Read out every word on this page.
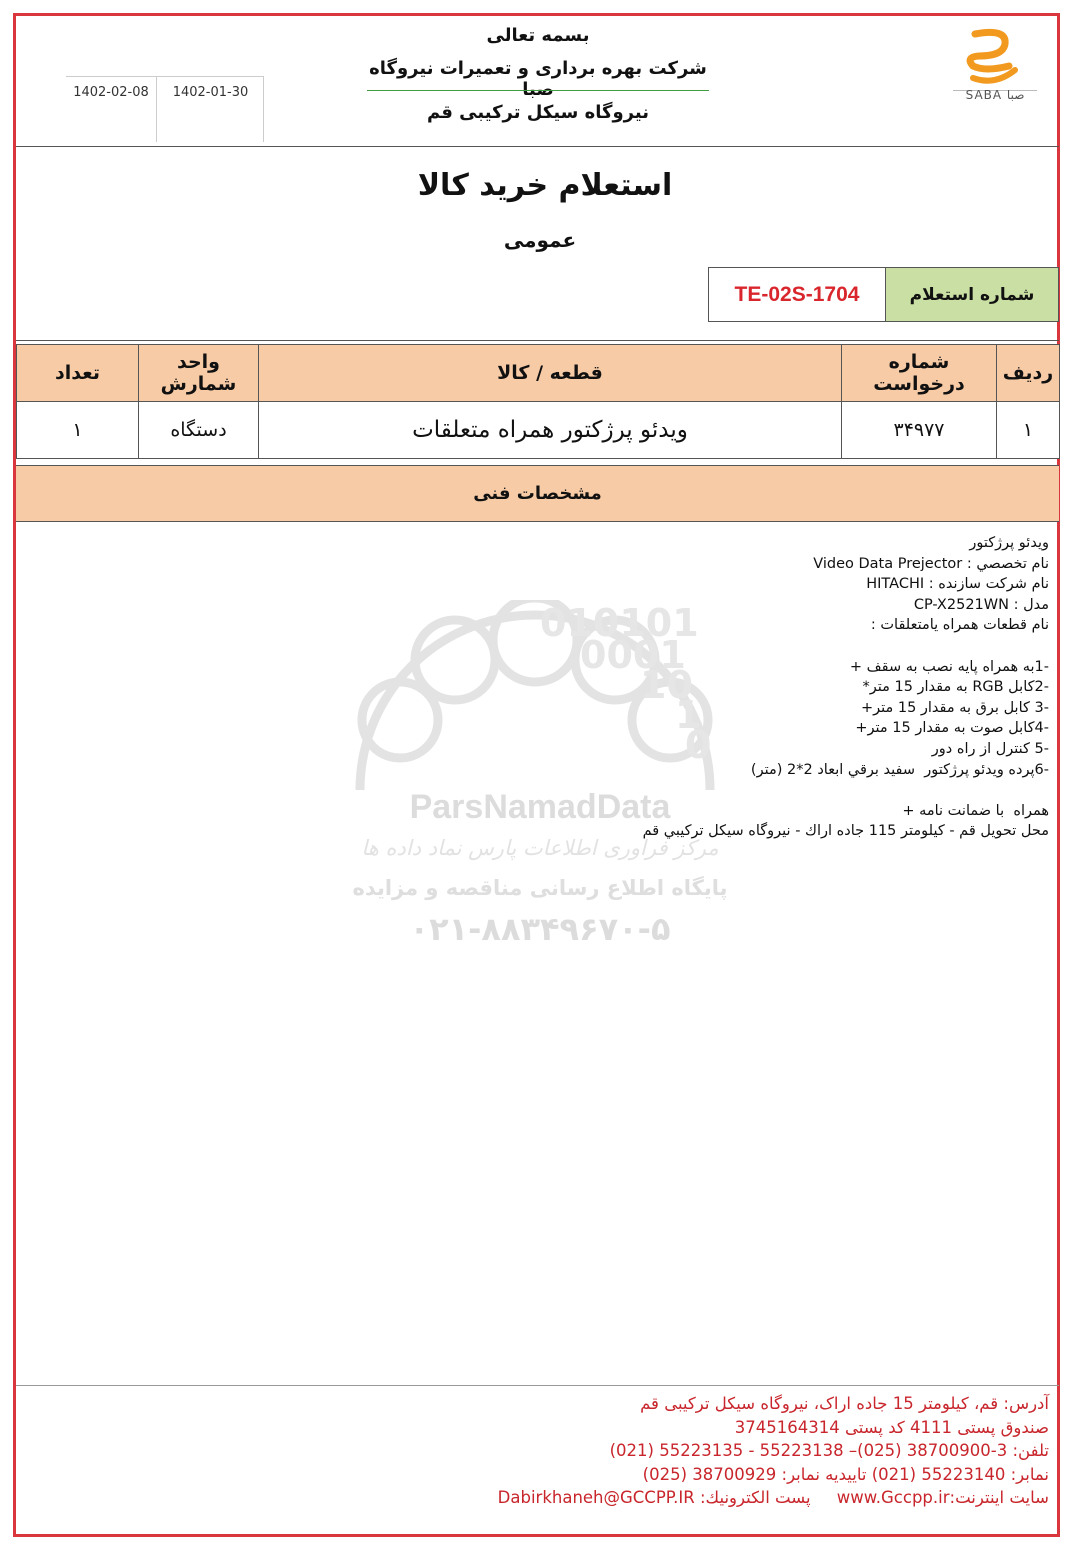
SABA صبا
بسمه تعالی
شرکت بهره برداری و تعمیرات نیروگاه صبا
نیروگاه سیکل ترکیبی قم
1402-02-08	1402-01-30
استعلام خرید کالا
عمومی
TE-02S-1704	شماره استعلام
ردیف	شماره درخواست	قطعه / کالا	واحد شمارش	تعداد
۱	۳۴۹۷۷	ویدئو پرژکتور همراه متعلقات	دستگاه	۱
مشخصات فنی
010101
0001
10
1
0
ParsNamadData
مرکز فراوری اطلاعات پارس نماد داده ها
پایگاه اطلاع رسانی مناقصه و مزایده
۰۲۱-۸۸۳۴۹۶۷۰-۵
ویدئو پرژکتور
نام تخصصي : Video Data Prejector
نام شرکت سازنده : HITACHI
مدل : CP-X2521WN
نام قطعات همراه یامتعلقات :
-1به همراه پایه نصب به سقف +
-2کابل RGB به مقدار 15 متر*
-3 کابل برق به مقدار 15 متر+
-4کابل صوت به مقدار 15 متر+
-5 کنترل از راه دور
-6پرده ویدئو پرژکتور  سفید برقي ابعاد 2*2 (متر)
همراه  با ضمانت نامه +
محل تحویل قم - کیلومتر 115 جاده اراك - نیروگاه سیکل ترکیبي قم
آدرس: قم، کیلومتر 15 جاده اراک، نیروگاه سیکل ترکیبی قم
صندوق پستی 4111 کد پستی 3745164314
تلفن: 3-38700900 (025)– 55223138 - 55223135 (021)
نمابر: 55223140 (021) تاییدیه نمابر: 38700929 (025)
سایت اینترنت:www.Gccpp.ir     پست الکترونیك: Dabirkhaneh@GCCPP.IR
